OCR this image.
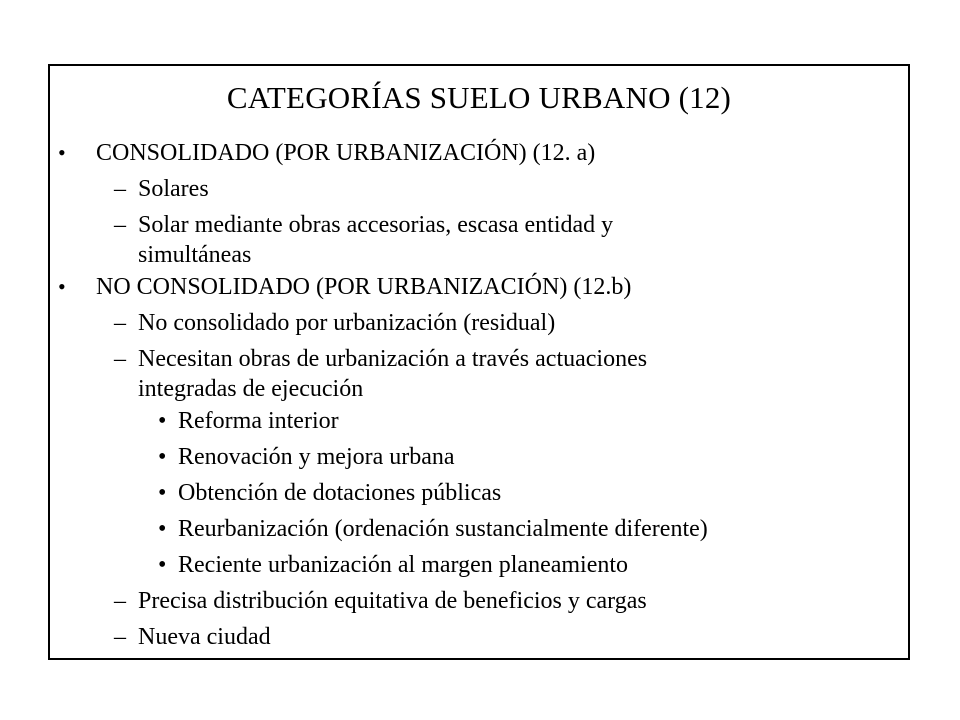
CATEGORÍAS SUELO URBANO (12)
• CONSOLIDADO (POR URBANIZACIÓN) (12. a)
– Solares
– Solar mediante obras accesorias, escasa entidad y
simultáneas
• NO CONSOLIDADO (POR URBANIZACIÓN) (12.b)
– No consolidado por urbanización (residual)
– Necesitan obras de urbanización a través actuaciones
integradas de ejecución
• Reforma interior
• Renovación y mejora urbana
• Obtención de dotaciones públicas
• Reurbanización (ordenación sustancialmente diferente)
• Reciente urbanización al margen planeamiento
– Precisa distribución equitativa de beneficios y cargas
– Nueva ciudad
